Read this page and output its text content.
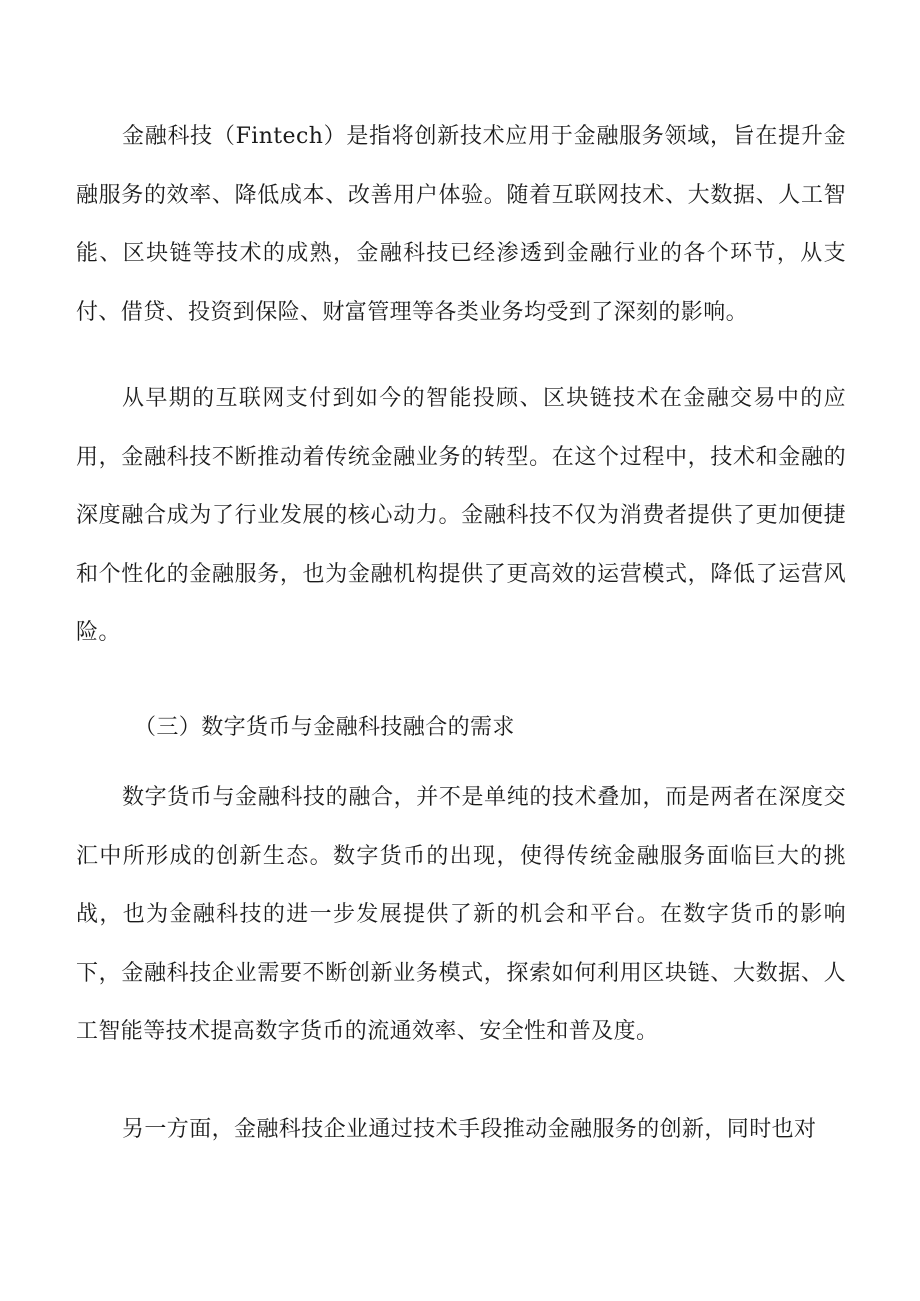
金融科技（Fintech）是指将创新技术应用于金融服务领域，旨在提升金融服务的效率、降低成本、改善用户体验。随着互联网技术、大数据、人工智能、区块链等技术的成熟，金融科技已经渗透到金融行业的各个环节，从支付、借贷、投资到保险、财富管理等各类业务均受到了深刻的影响。

从早期的互联网支付到如今的智能投顾、区块链技术在金融交易中的应用，金融科技不断推动着传统金融业务的转型。在这个过程中，技术和金融的深度融合成为了行业发展的核心动力。金融科技不仅为消费者提供了更加便捷和个性化的金融服务，也为金融机构提供了更高效的运营模式，降低了运营风险。

（三）数字货币与金融科技融合的需求

数字货币与金融科技的融合，并不是单纯的技术叠加，而是两者在深度交汇中所形成的创新生态。数字货币的出现，使得传统金融服务面临巨大的挑战，也为金融科技的进一步发展提供了新的机会和平台。在数字货币的影响下，金融科技企业需要不断创新业务模式，探索如何利用区块链、大数据、人工智能等技术提高数字货币的流通效率、安全性和普及度。

另一方面，金融科技企业通过技术手段推动金融服务的创新，同时也对
